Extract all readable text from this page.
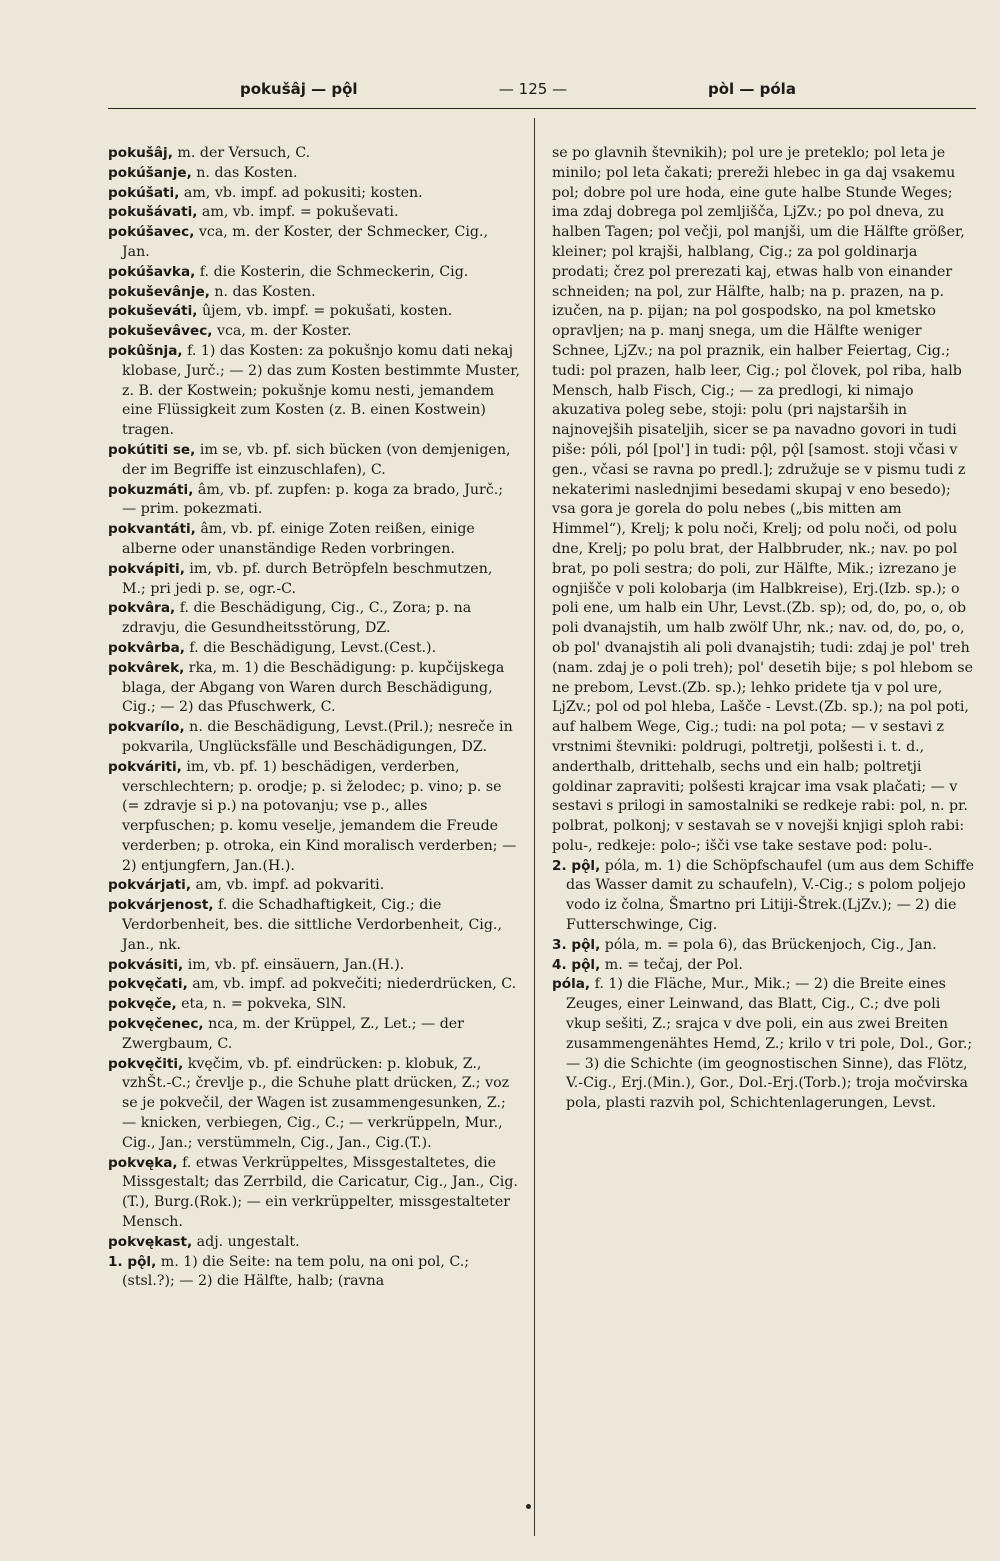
pokušâj — pǫ̂l	— 125 —	pòl — póla

pokušâj, m. der Versuch, C.

pokúšanje, n. das Kosten.

pokúšati, am, vb. impf. ad pokusiti; kosten.

pokušávati, am, vb. impf. = pokuševati.

pokúšavec, vca, m. der Koster, der Schmecker, Cig., Jan.

pokúšavka, f. die Kosterin, die Schmeckerin, Cig.

pokuševânje, n. das Kosten.

pokuševáti, ûjem, vb. impf. = pokušati, kosten.

pokuševâvec, vca, m. der Koster.

pokûšnja, f. 1) das Kosten: za pokušnjo komu dati nekaj klobase, Jurč.; — 2) das zum Kosten bestimmte Muster, z. B. der Kostwein; pokušnje komu nesti, jemandem eine Flüssigkeit zum Kosten (z. B. einen Kostwein) tragen.

pokútiti se, im se, vb. pf. sich bücken (von demjenigen, der im Begriffe ist einzuschlafen), C.

pokuzmáti, âm, vb. pf. zupfen: p. koga za brado, Jurč.; — prim. pokezmati.

pokvantáti, âm, vb. pf. einige Zoten reißen, einige alberne oder unanständige Reden vorbringen.

pokvápiti, im, vb. pf. durch Betröpfeln beschmutzen, M.; pri jedi p. se, ogr.-C.

pokvâra, f. die Beschädigung, Cig., C., Zora; p. na zdravju, die Gesundheitsstörung, DZ.

pokvârba, f. die Beschädigung, Levst.(Cest.).

pokvârek, rka, m. 1) die Beschädigung: p. kupčijskega blaga, der Abgang von Waren durch Beschädigung, Cig.; — 2) das Pfuschwerk, C.

pokvarílo, n. die Beschädigung, Levst.(Pril.); nesreče in pokvarila, Unglücksfälle und Beschädigungen, DZ.

pokváriti, im, vb. pf. 1) beschädigen, verderben, verschlechtern; p. orodje; p. si želodec; p. vino; p. se (= zdravje si p.) na potovanju; vse p., alles verpfuschen; p. komu veselje, jemandem die Freude verderben; p. otroka, ein Kind moralisch verderben; — 2) entjungfern, Jan.(H.).

pokvárjati, am, vb. impf. ad pokvariti.

pokvárjenost, f. die Schadhaftigkeit, Cig.; die Verdorbenheit, bes. die sittliche Verdorbenheit, Cig., Jan., nk.

pokvásiti, im, vb. pf. einsäuern, Jan.(H.).

pokvęčati, am, vb. impf. ad pokvečiti; niederdrücken, C.

pokvęče, eta, n. = pokveka, SlN.

pokvęčenec, nca, m. der Krüppel, Z., Let.; — der Zwergbaum, C.

pokvęčiti, kvęčim, vb. pf. eindrücken: p. klobuk, Z., vzhŠt.-C.; črevlje p., die Schuhe platt drücken, Z.; voz se je pokvečil, der Wagen ist zusammengesunken, Z.; — knicken, verbiegen, Cig., C.; — verkrüppeln, Mur., Cig., Jan.; verstümmeln, Cig., Jan., Cig.(T.).

pokvęka, f. etwas Verkrüppeltes, Missgestaltetes, die Missgestalt; das Zerrbild, die Caricatur, Cig., Jan., Cig.(T.), Burg.(Rok.); — ein verkrüppelter, missgestalteter Mensch.

pokvękast, adj. ungestalt.

1. pǫ̂l, m. 1) die Seite: na tem polu, na oni pol, C.; (stsl.?); — 2) die Hälfte, halb; (ravna

se po glavnih števnikih); pol ure je preteklo; pol leta je minilo; pol leta čakati; prereži hlebec in ga daj vsakemu pol; dobre pol ure hoda, eine gute halbe Stunde Weges; ima zdaj dobrega pol zemljišča, LjZv.; po pol dneva, zu halben Tagen; pol večji, pol manjši, um die Hälfte größer, kleiner; pol krajši, halblang, Cig.; za pol goldinarja prodati; črez pol prerezati kaj, etwas halb von einander schneiden; na pol, zur Hälfte, halb; na p. prazen, na p. izučen, na p. pijan; na pol gospodsko, na pol kmetsko opravljen; na p. manj snega, um die Hälfte weniger Schnee, LjZv.; na pol praznik, ein halber Feiertag, Cig.; tudi: pol prazen, halb leer, Cig.; pol človek, pol riba, halb Mensch, halb Fisch, Cig.; — za predlogi, ki nimajo akuzativa poleg sebe, stoji: polu (pri najstarših in najnovejših pisateljih, sicer se pa navadno govori in tudi piše: póli, pól [pol'] in tudi: pǫ̂l, pǫ̂l [samost. stoji včasi v gen., včasi se ravna po predl.]; združuje se v pismu tudi z nekaterimi naslednjimi besedami skupaj v eno besedo); vsa gora je gorela do polu nebes („bis mitten am Himmel“), Krelj; k polu noči, Krelj; od polu noči, od polu dne, Krelj; po polu brat, der Halbbruder, nk.; nav. po pol brat, po poli sestra; do poli, zur Hälfte, Mik.; izrezano je ognjišče v poli kolobarja (im Halbkreise), Erj.(Izb. sp.); o poli ene, um halb ein Uhr, Levst.(Zb. sp); od, do, po, o, ob poli dvanajstih, um halb zwölf Uhr, nk.; nav. od, do, po, o, ob pol' dvanajstih ali poli dvanajstih; tudi: zdaj je pol' treh (nam. zdaj je o poli treh); pol' desetih bije; s pol hlebom se ne prebom, Levst.(Zb. sp.); lehko pridete tja v pol ure, LjZv.; pol od pol hleba, Lašče - Levst.(Zb. sp.); na pol poti, auf halbem Wege, Cig.; tudi: na pol pota; — v sestavi z vrstnimi števniki: poldrugi, poltretji, polšesti i. t. d., anderthalb, drittehalb, sechs und ein halb; poltretji goldinar zapraviti; polšesti krajcar ima vsak plačati; — v sestavi s prilogi in samostalniki se redkeje rabi: pol, n. pr. polbrat, polkonj; v sestavah se v novejši knjigi sploh rabi: polu-, redkeje: polo-; išči vse take sestave pod: polu-.

2. pǫ̂l, póla, m. 1) die Schöpfschaufel (um aus dem Schiffe das Wasser damit zu schaufeln), V.-Cig.; s polom poljejo vodo iz čolna, Šmartno pri Litiji-Štrek.(LjZv.); — 2) die Futterschwinge, Cig.

3. pǫ̂l, póla, m. = pola 6), das Brückenjoch, Cig., Jan.

4. pǫ̂l, m. = tečaj, der Pol.

póla, f. 1) die Fläche, Mur., Mik.; — 2) die Breite eines Zeuges, einer Leinwand, das Blatt, Cig., C.; dve poli vkup sešiti, Z.; srajca v dve poli, ein aus zwei Breiten zusammengenähtes Hemd, Z.; krilo v tri pole, Dol., Gor.; — 3) die Schichte (im geognostischen Sinne), das Flötz, V.-Cig., Erj.(Min.), Gor., Dol.-Erj.(Torb.); troja močvirska pola, plasti razvih pol, Schichtenlagerungen, Levst.
